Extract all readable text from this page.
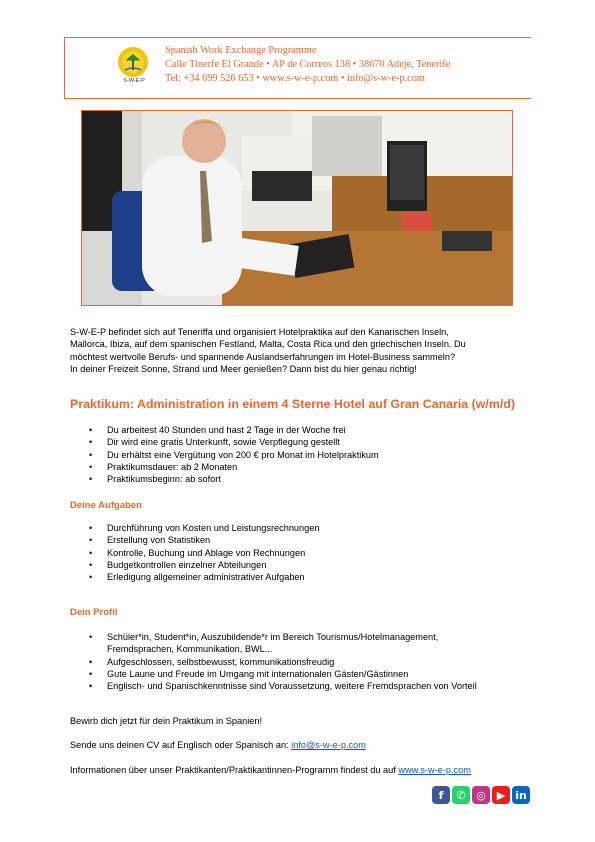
S-W-E-P
Spanish Work Exchange Programme
Calle Tinerfe El Grande • AP de Correos 138 • 38670 Adeje, Tenerife
Tel: +34 699 526 653 • www.s-w-e-p.com • info@s-w-e-p.com
S-W-E-P befindet sich auf Teneriffa und organisiert Hotelpraktika auf den Kanarischen Inseln,
Mallorca, Ibiza, auf dem spanischen Festland, Malta, Costa Rica und den griechischen Inseln. Du
möchtest wertvolle Berufs- und spannende Auslandserfahrungen im Hotel-Business sammeln?
In deiner Freizeit Sonne, Strand und Meer genießen? Dann bist du hier genau richtig!
Praktikum: Administration in einem 4 Sterne Hotel auf Gran Canaria (w/m/d)
• Du arbeitest 40 Stunden und hast 2 Tage in der Woche frei
• Dir wird eine gratis Unterkunft, sowie Verpflegung gestellt
• Du erhältst eine Vergütung von 200 € pro Monat im Hotelpraktikum
• Praktikumsdauer: ab 2 Monaten
• Praktikumsbeginn: ab sofort
Deine Aufgaben
• Durchführung von Kosten und Leistungsrechnungen
• Erstellung von Statistiken
• Kontrolle, Buchung und Ablage von Rechnungen
• Budgetkontrollen einzelner Abteilungen
• Erledigung allgemeiner administrativer Aufgaben
Dein Profil
• Schüler*in, Student*in, Auszubildende*r im Bereich Tourismus/Hotelmanagement, Fremdsprachen, Kommunikation, BWL...
• Aufgeschlossen, selbstbewusst, kommunikationsfreudig
• Gute Laune und Freude im Umgang mit internationalen Gästen/Gästinnen
• Englisch- und Spanischkenntnisse sind Voraussetzung, weitere Fremdsprachen von Vorteil
Bewirb dich jetzt für dein Praktikum in Spanien!
Sende uns deinen CV auf Englisch oder Spanisch an: info@s-w-e-p.com
Informationen über unser Praktikanten/Praktikantinnen-Programm findest du auf www.s-w-e-p.com
f	✆ ◎ ▶ in
